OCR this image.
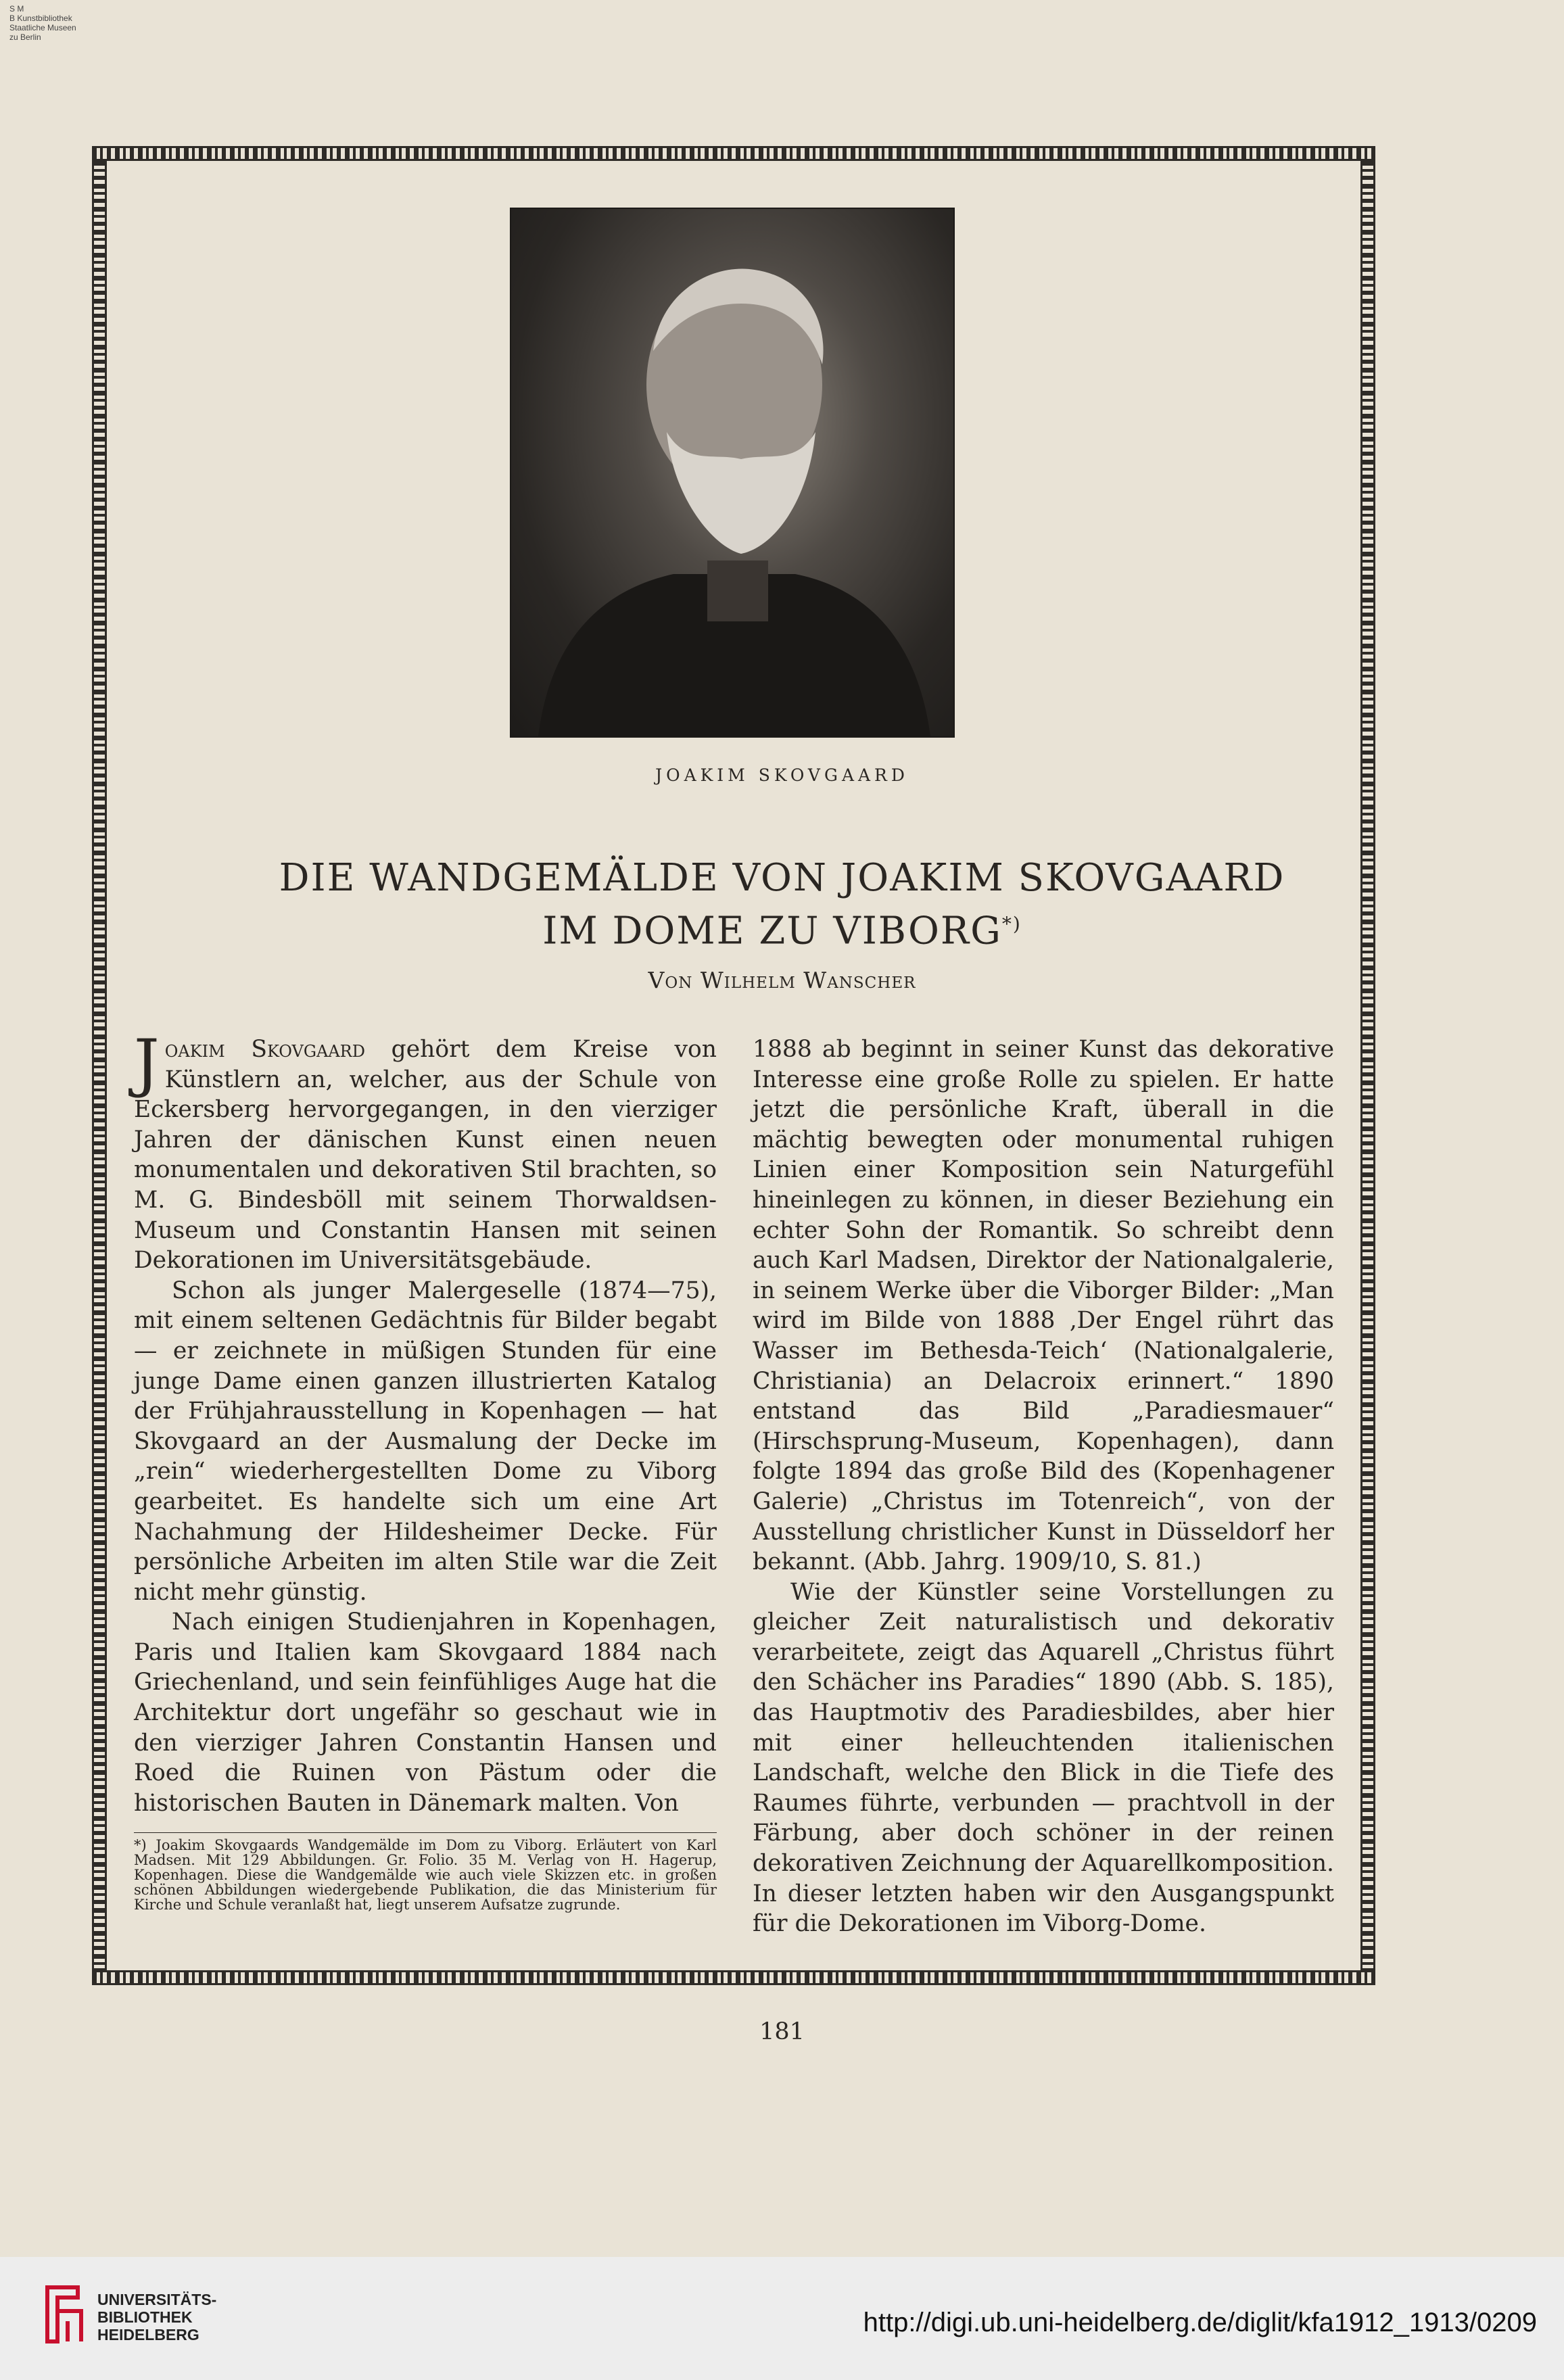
S M
B Kunstbibliothek
Staatliche Museen
zu Berlin
JOAKIM SKOVGAARD
DIE WANDGEMÄLDE VON JOAKIM SKOVGAARD
IM DOME ZU VIBORG*)
Von Wilhelm Wanscher

Joakim Skovgaard gehört dem Kreise von Künstlern an, welcher, aus der Schule von Eckersberg hervorgegangen, in den vierziger Jahren der dänischen Kunst einen neuen monumentalen und dekorativen Stil brachten, so M. G. Bindesböll mit seinem Thorwaldsen-Museum und Constantin Hansen mit seinen Dekorationen im Universitätsgebäude.

Schon als junger Malergeselle (1874—75), mit einem seltenen Gedächtnis für Bilder begabt — er zeichnete in müßigen Stunden für eine junge Dame einen ganzen illustrierten Katalog der Frühjahrausstellung in Kopenhagen — hat Skovgaard an der Ausmalung der Decke im „rein“ wiederhergestellten Dome zu Viborg gearbeitet. Es handelte sich um eine Art Nachahmung der Hildesheimer Decke. Für persönliche Arbeiten im alten Stile war die Zeit nicht mehr günstig.

Nach einigen Studienjahren in Kopenhagen, Paris und Italien kam Skovgaard 1884 nach Griechenland, und sein feinfühliges Auge hat die Architektur dort ungefähr so geschaut wie in den vierziger Jahren Constantin Hansen und Roed die Ruinen von Pästum oder die historischen Bauten in Dänemark malten. Von

*) Joakim Skovgaards Wandgemälde im Dom zu Viborg. Erläutert von Karl Madsen. Mit 129 Abbildungen. Gr. Folio. 35 M. Verlag von H. Hagerup, Kopenhagen. Diese die Wandgemälde wie auch viele Skizzen etc. in großen schönen Abbildungen wiedergebende Publikation, die das Ministerium für Kirche und Schule veranlaßt hat, liegt unserem Aufsatze zugrunde.

1888 ab beginnt in seiner Kunst das dekorative Interesse eine große Rolle zu spielen. Er hatte jetzt die persönliche Kraft, überall in die mächtig bewegten oder monumental ruhigen Linien einer Komposition sein Naturgefühl hineinlegen zu können, in dieser Beziehung ein echter Sohn der Romantik. So schreibt denn auch Karl Madsen, Direktor der Nationalgalerie, in seinem Werke über die Viborger Bilder: „Man wird im Bilde von 1888 ‚Der Engel rührt das Wasser im Bethesda-Teich‘ (Nationalgalerie, Christiania) an Delacroix erinnert.“ 1890 entstand das Bild „Paradiesmauer“ (Hirschsprung-Museum, Kopenhagen), dann folgte 1894 das große Bild des (Kopenhagener Galerie) „Christus im Totenreich“, von der Ausstellung christlicher Kunst in Düsseldorf her bekannt. (Abb. Jahrg. 1909/10, S. 81.)

Wie der Künstler seine Vorstellungen zu gleicher Zeit naturalistisch und dekorativ verarbeitete, zeigt das Aquarell „Christus führt den Schächer ins Paradies“ 1890 (Abb. S. 185), das Hauptmotiv des Paradiesbildes, aber hier mit einer helleuchtenden italienischen Landschaft, welche den Blick in die Tiefe des Raumes führte, verbunden — prachtvoll in der Färbung, aber doch schöner in der reinen dekorativen Zeichnung der Aquarellkomposition. In dieser letzten haben wir den Ausgangspunkt für die Dekorationen im Viborg-Dome.

181
UNIVERSITÄTS-
BIBLIOTHEK
HEIDELBERG	http://digi.ub.uni-heidelberg.de/diglit/kfa1912_1913/0209
